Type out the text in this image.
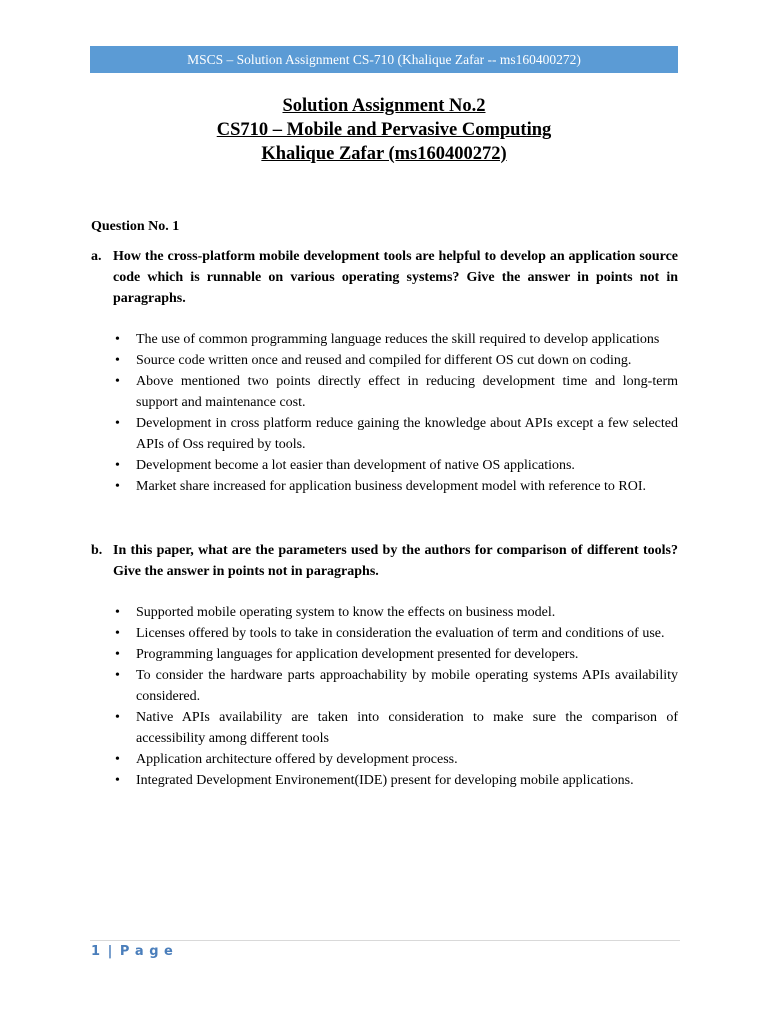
MSCS – Solution Assignment CS-710 (Khalique Zafar -- ms160400272)
Solution Assignment No.2
CS710 – Mobile and Pervasive Computing
Khalique Zafar (ms160400272)
Question No. 1
a. How the cross-platform mobile development tools are helpful to develop an application source code which is runnable on various operating systems? Give the answer in points not in paragraphs.
• The use of common programming language reduces the skill required to develop applications
• Source code written once and reused and compiled for different OS cut down on coding.
• Above mentioned two points directly effect in reducing development time and long-term support and maintenance cost.
• Development in cross platform reduce gaining the knowledge about APIs except a few selected APIs of Oss required by tools.
• Development become a lot easier than development of native OS applications.
• Market share increased for application business development model with reference to ROI.
b. In this paper, what are the parameters used by the authors for comparison of different tools? Give the answer in points not in paragraphs.
• Supported mobile operating system to know the effects on business model.
• Licenses offered by tools to take in consideration the evaluation of term and conditions of use.
• Programming languages for application development presented for developers.
• To consider the hardware parts approachability by mobile operating systems APIs availability considered.
• Native APIs availability are taken into consideration to make sure the comparison of accessibility among different tools
• Application architecture offered by development process.
• Integrated Development Environement(IDE) present for developing mobile applications.
1 | P a g e
